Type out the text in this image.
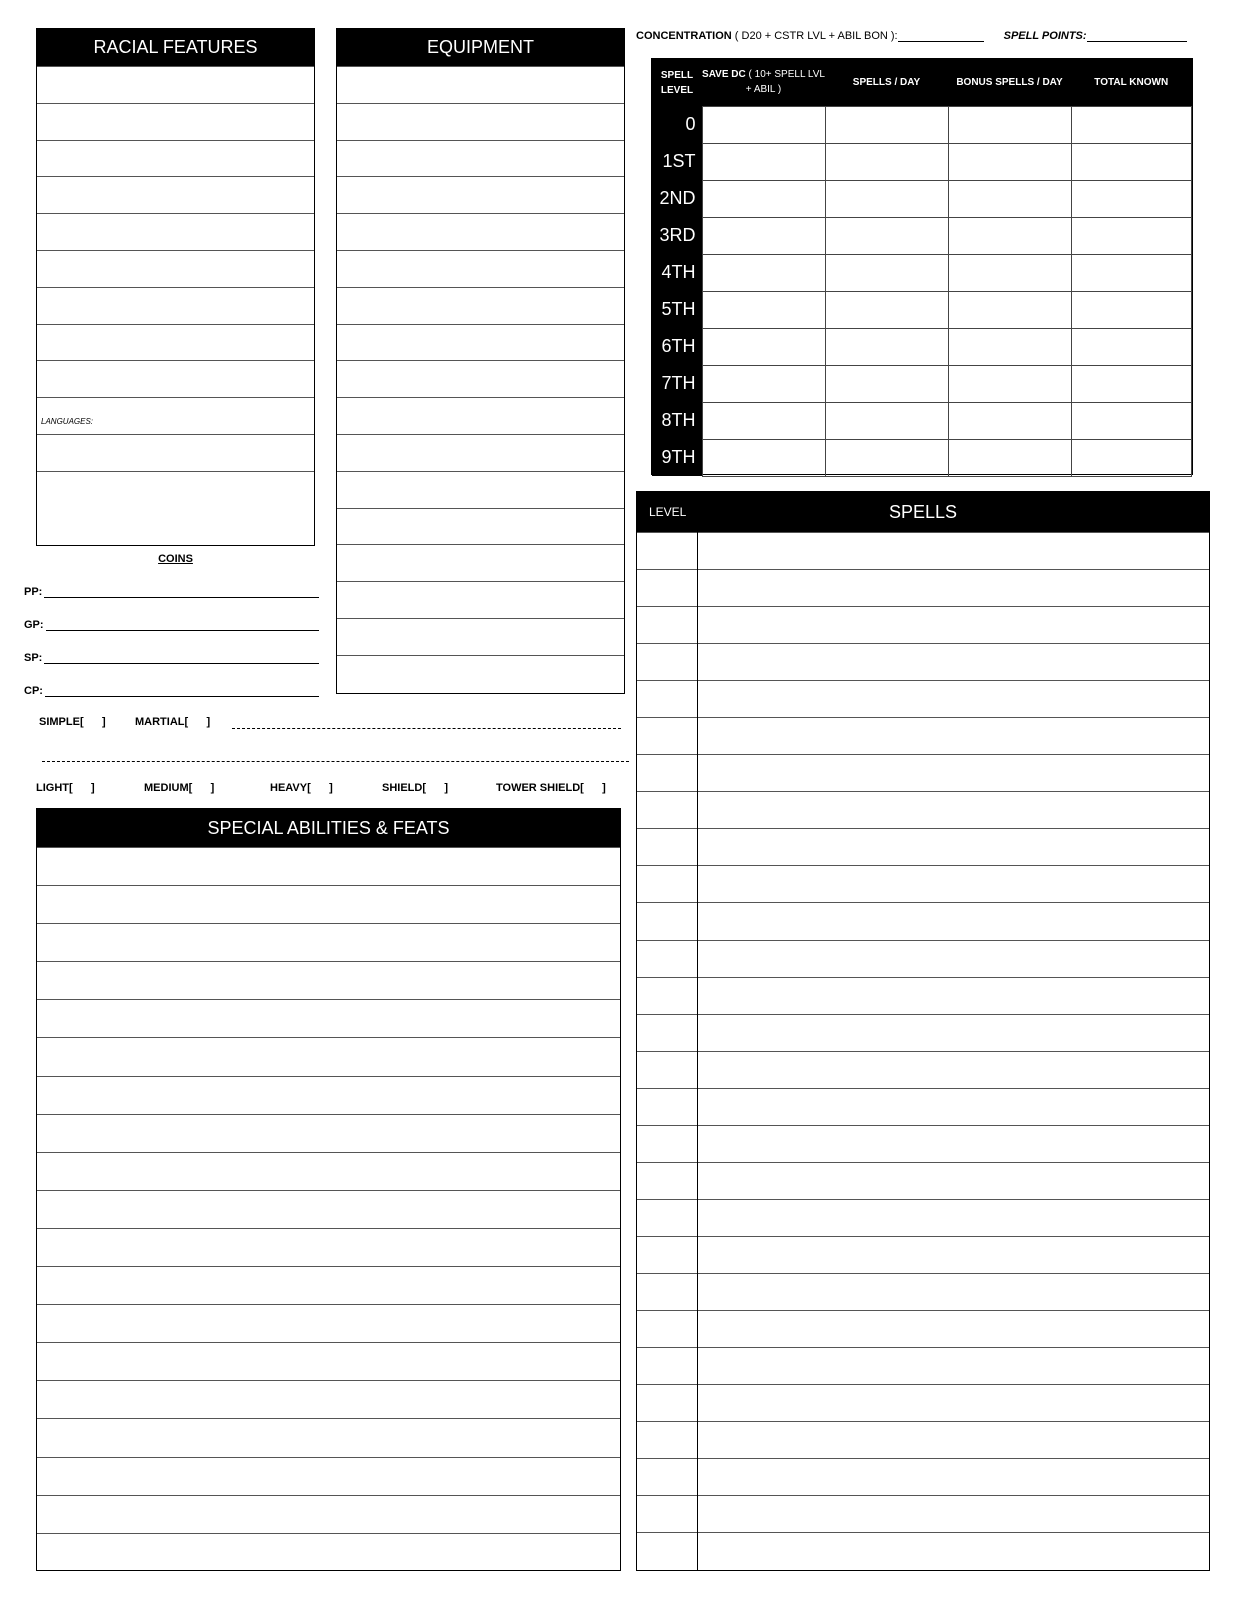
RACIAL FEATURES
LANGUAGES:
EQUIPMENT
COINS
PP:
GP:
SP:
CP:
SIMPLE[      ]	MARTIAL[      ]
LIGHT[      ]	MEDIUM[      ]	HEAVY[      ]	SHIELD[      ]	TOWER SHIELD[      ]
SPECIAL ABILITIES & FEATS
CONCENTRATION ( D20 + CSTR LVL + ABIL BON ):	SPELL POINTS:
SPELL LEVEL	SAVE DC ( 10+ SPELL LVL + ABIL )	SPELLS / DAY	BONUS SPELLS / DAY	TOTAL KNOWN
0				
1ST				
2ND				
3RD				
4TH				
5TH				
6TH				
7TH				
8TH				
9TH				
LEVEL	SPELLS
